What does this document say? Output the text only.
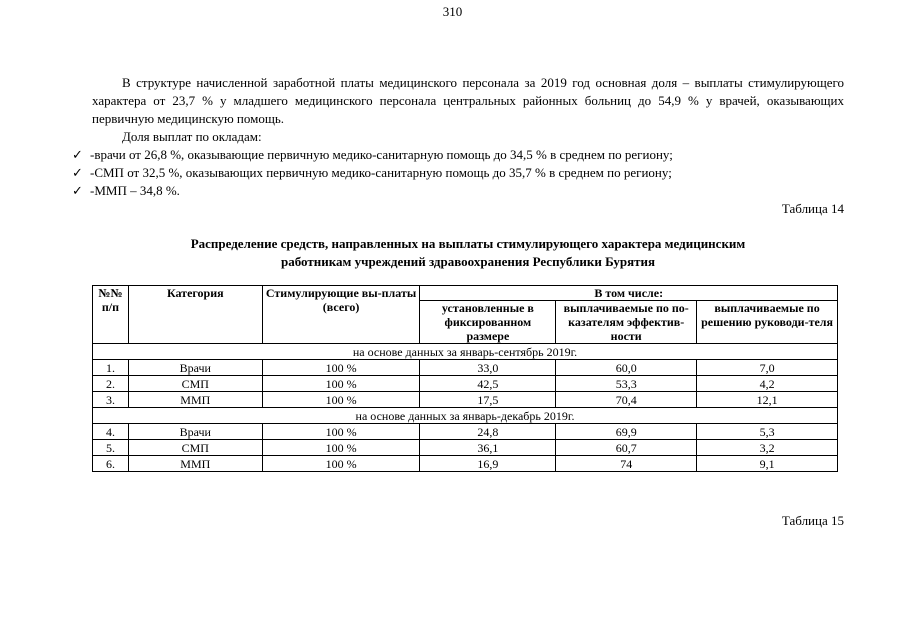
310
В структуре начисленной заработной платы медицинского персонала за 2019 год основная доля – выплаты стимулирующего характера от 23,7 % у младшего медицинского персонала центральных районных больниц до 54,9 % у врачей, оказывающих первичную медицинскую помощь.
Доля выплат по окладам:
✓ -врачи от 26,8 %, оказывающие первичную медико-санитарную помощь до 34,5 % в среднем по региону;
✓ -СМП от 32,5 %, оказывающих первичную медико-санитарную помощь до 35,7 % в среднем по региону;
✓ -ММП – 34,8 %.
Таблица 14
Распределение средств, направленных на выплаты стимулирующего характера медицинским
работникам учреждений здравоохранения Республики Бурятия
№№ п/п	Категория	Стимулирующие вы-платы (всего)	В том числе:		
			установленные в фиксированном размере	выплачиваемые по по-казателям эффектив-ности	выплачиваемые по решению руководи-теля
на основе данных за январь-сентябрь 2019г.					
1.	Врачи	100 %	33,0	60,0	7,0
2.	СМП	100 %	42,5	53,3	4,2
3.	ММП	100 %	17,5	70,4	12,1
на основе данных за январь-декабрь 2019г.					
4.	Врачи	100 %	24,8	69,9	5,3
5.	СМП	100 %	36,1	60,7	3,2
6.	ММП	100 %	16,9	74	9,1
Таблица 15
